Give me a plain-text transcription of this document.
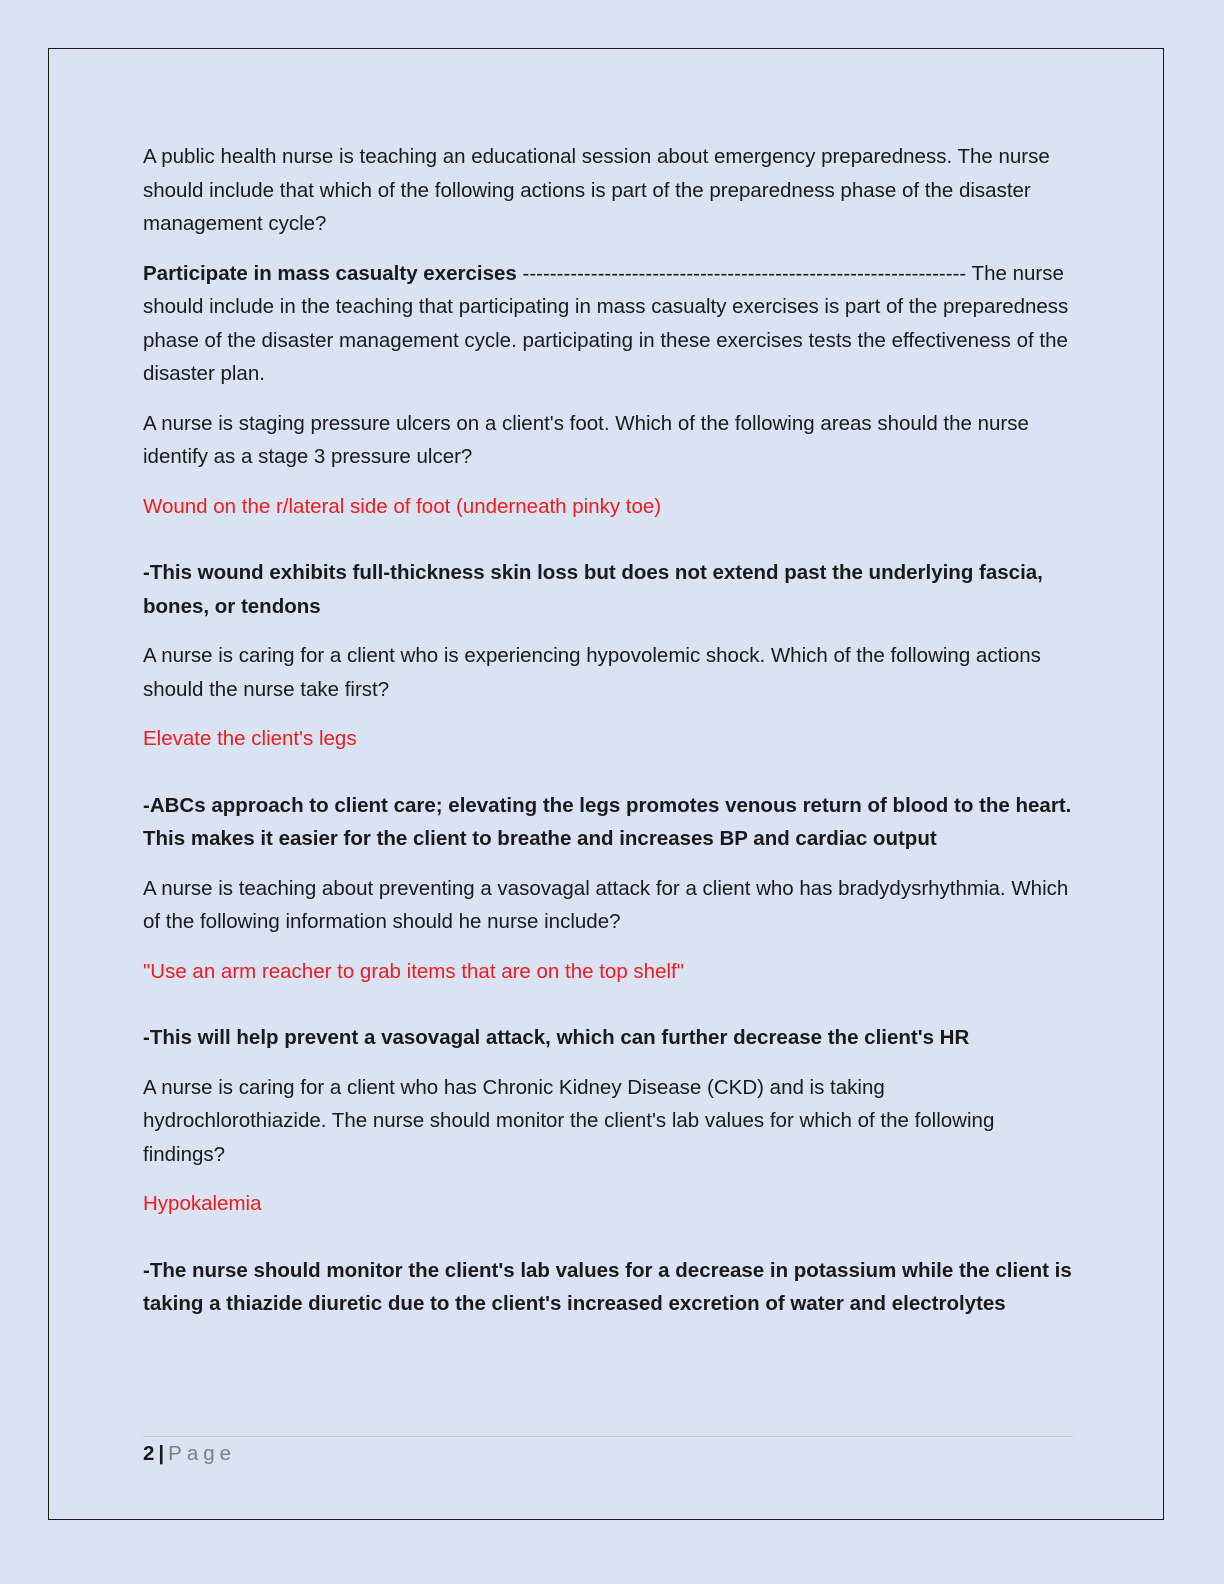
A public health nurse is teaching an educational session about emergency preparedness. The nurse should include that which of the following actions is part of the preparedness phase of the disaster management cycle?

Participate in mass casualty exercises ----------------------------------------------------------------- The nurse should include in the teaching that participating in mass casualty exercises is part of the preparedness phase of the disaster management cycle. participating in these exercises tests the effectiveness of the disaster plan.

A nurse is staging pressure ulcers on a client's foot. Which of the following areas should the nurse identify as a stage 3 pressure ulcer?

Wound on the r/lateral side of foot (underneath pinky toe)

-This wound exhibits full-thickness skin loss but does not extend past the underlying fascia, bones, or tendons

A nurse is caring for a client who is experiencing hypovolemic shock. Which of the following actions should the nurse take first?

Elevate the client's legs

-ABCs approach to client care; elevating the legs promotes venous return of blood to the heart. This makes it easier for the client to breathe and increases BP and cardiac output

A nurse is teaching about preventing a vasovagal attack for a client who has bradydysrhythmia. Which of the following information should he nurse include?

"Use an arm reacher to grab items that are on the top shelf"

-This will help prevent a vasovagal attack, which can further decrease the client's HR

A nurse is caring for a client who has Chronic Kidney Disease (CKD) and is taking hydrochlorothiazide. The nurse should monitor the client's lab values for which of the following findings?

Hypokalemia

-The nurse should monitor the client's lab values for a decrease in potassium while the client is taking a thiazide diuretic due to the client's increased excretion of water and electrolytes

2 | Page
